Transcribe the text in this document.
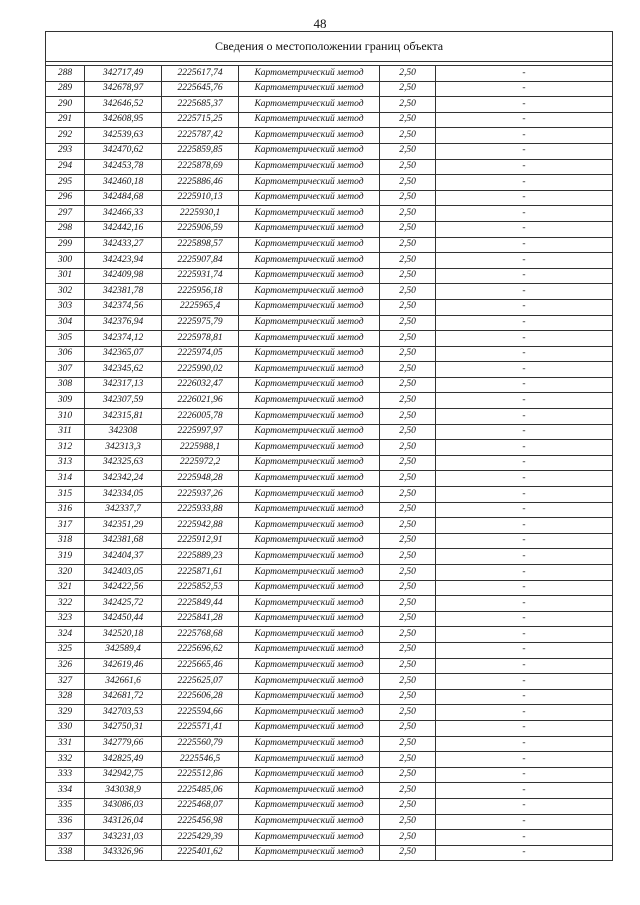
48
Сведения о местоположении границ объекта					

288	342717,49	2225617,74	Картометрический метод	2,50	-
289	342678,97	2225645,76	Картометрический метод	2,50	-
290	342646,52	2225685,37	Картометрический метод	2,50	-
291	342608,95	2225715,25	Картометрический метод	2,50	-
292	342539,63	2225787,42	Картометрический метод	2,50	-
293	342470,62	2225859,85	Картометрический метод	2,50	-
294	342453,78	2225878,69	Картометрический метод	2,50	-
295	342460,18	2225886,46	Картометрический метод	2,50	-
296	342484,68	2225910,13	Картометрический метод	2,50	-
297	342466,33	2225930,1	Картометрический метод	2,50	-
298	342442,16	2225906,59	Картометрический метод	2,50	-
299	342433,27	2225898,57	Картометрический метод	2,50	-
300	342423,94	2225907,84	Картометрический метод	2,50	-
301	342409,98	2225931,74	Картометрический метод	2,50	-
302	342381,78	2225956,18	Картометрический метод	2,50	-
303	342374,56	2225965,4	Картометрический метод	2,50	-
304	342376,94	2225975,79	Картометрический метод	2,50	-
305	342374,12	2225978,81	Картометрический метод	2,50	-
306	342365,07	2225974,05	Картометрический метод	2,50	-
307	342345,62	2225990,02	Картометрический метод	2,50	-
308	342317,13	2226032,47	Картометрический метод	2,50	-
309	342307,59	2226021,96	Картометрический метод	2,50	-
310	342315,81	2226005,78	Картометрический метод	2,50	-
311	342308	2225997,97	Картометрический метод	2,50	-
312	342313,3	2225988,1	Картометрический метод	2,50	-
313	342325,63	2225972,2	Картометрический метод	2,50	-
314	342342,24	2225948,28	Картометрический метод	2,50	-
315	342334,05	2225937,26	Картометрический метод	2,50	-
316	342337,7	2225933,88	Картометрический метод	2,50	-
317	342351,29	2225942,88	Картометрический метод	2,50	-
318	342381,68	2225912,91	Картометрический метод	2,50	-
319	342404,37	2225889,23	Картометрический метод	2,50	-
320	342403,05	2225871,61	Картометрический метод	2,50	-
321	342422,56	2225852,53	Картометрический метод	2,50	-
322	342425,72	2225849,44	Картометрический метод	2,50	-
323	342450,44	2225841,28	Картометрический метод	2,50	-
324	342520,18	2225768,68	Картометрический метод	2,50	-
325	342589,4	2225696,62	Картометрический метод	2,50	-
326	342619,46	2225665,46	Картометрический метод	2,50	-
327	342661,6	2225625,07	Картометрический метод	2,50	-
328	342681,72	2225606,28	Картометрический метод	2,50	-
329	342703,53	2225594,66	Картометрический метод	2,50	-
330	342750,31	2225571,41	Картометрический метод	2,50	-
331	342779,66	2225560,79	Картометрический метод	2,50	-
332	342825,49	2225546,5	Картометрический метод	2,50	-
333	342942,75	2225512,86	Картометрический метод	2,50	-
334	343038,9	2225485,06	Картометрический метод	2,50	-
335	343086,03	2225468,07	Картометрический метод	2,50	-
336	343126,04	2225456,98	Картометрический метод	2,50	-
337	343231,03	2225429,39	Картометрический метод	2,50	-
338	343326,96	2225401,62	Картометрический метод	2,50	-
